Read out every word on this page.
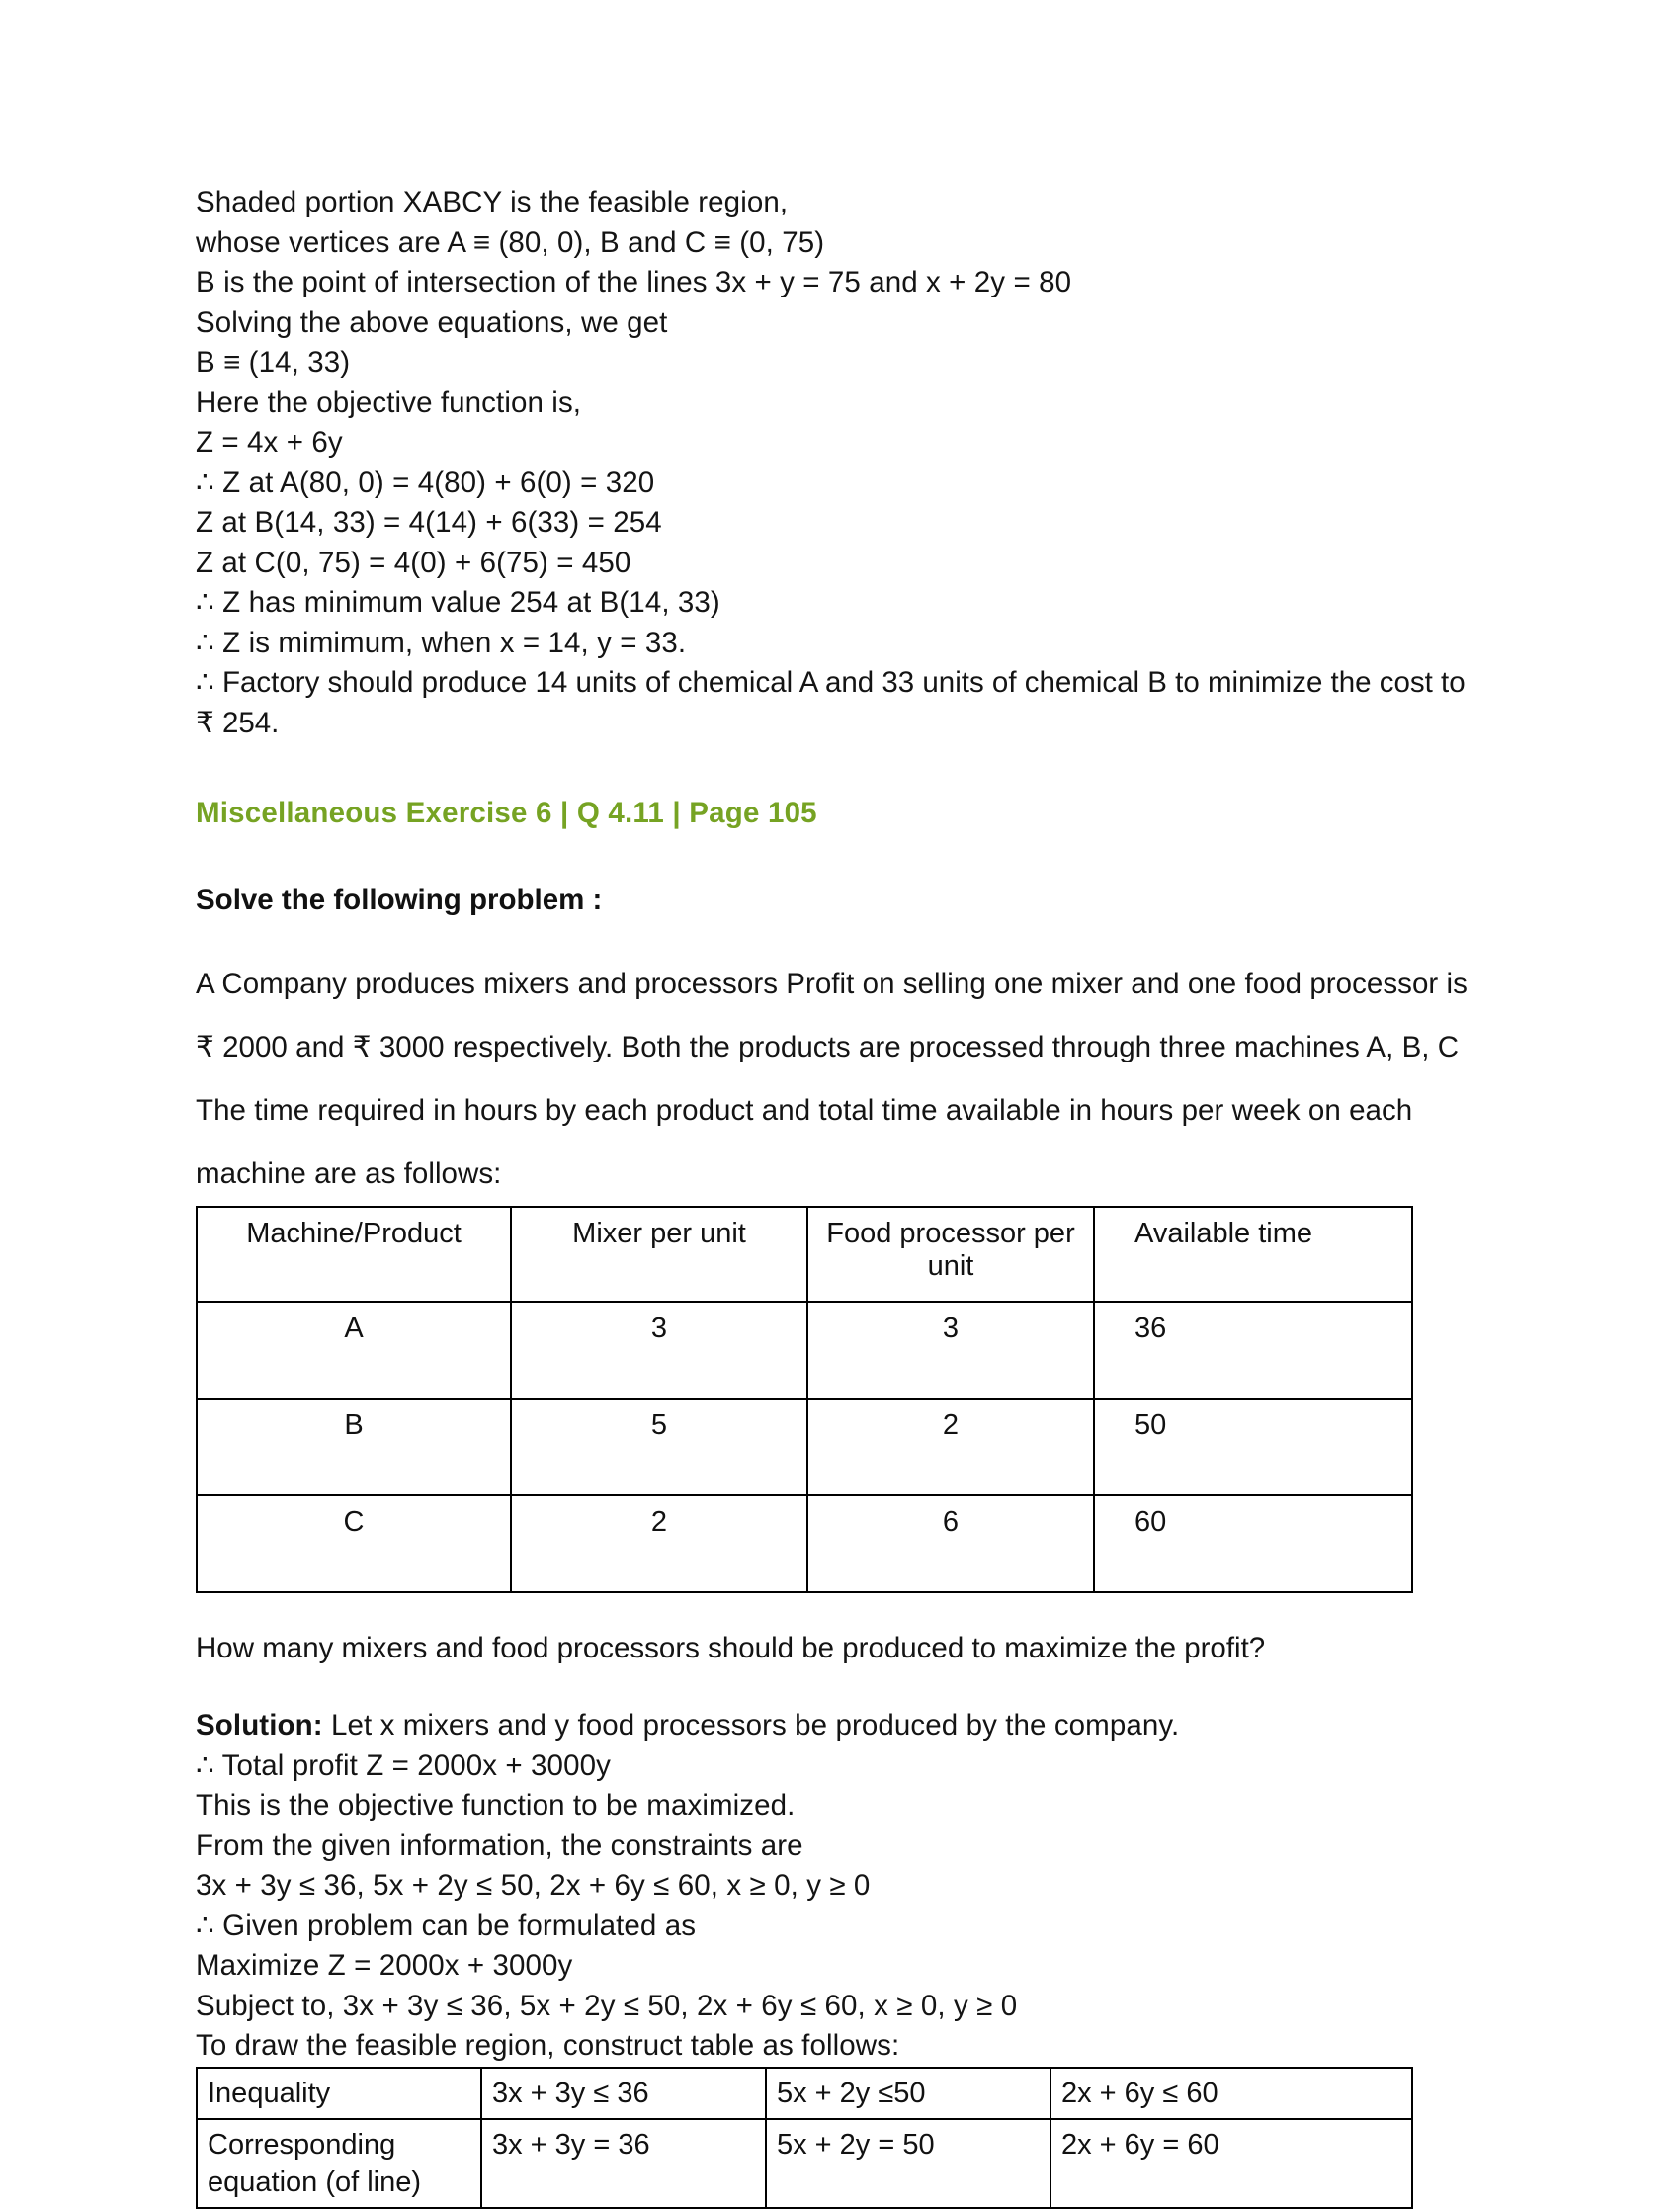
Shaded portion XABCY is the feasible region,
whose vertices are A ≡ (80, 0), B and C ≡ (0, 75)
B is the point of intersection of the lines 3x + y = 75 and x + 2y = 80
Solving the above equations, we get
B ≡ (14, 33)
Here the objective function is,
Z = 4x + 6y
∴ Z at A(80, 0) = 4(80) + 6(0) = 320
Z at B(14, 33) = 4(14) + 6(33) = 254
Z at C(0, 75) = 4(0) + 6(75) = 450
∴ Z has minimum value 254 at B(14, 33)
∴ Z is mimimum, when x = 14, y = 33.
∴ Factory should produce 14 units of chemical A and 33 units of chemical B to minimize the cost to ₹ 254.
Miscellaneous Exercise 6 | Q 4.11 | Page 105
Solve the following problem :
A Company produces mixers and processors Profit on selling one mixer and one food processor is ₹ 2000 and ₹ 3000 respectively. Both the products are processed through three machines A, B, C The time required in hours by each product and total time available in hours per week on each machine are as follows:
Machine/Product	Mixer per unit	Food processor per unit	Available time
A	3	3	36
B	5	2	50
C	2	6	60
How many mixers and food processors should be produced to maximize the profit?
Solution: Let x mixers and y food processors be produced by the company.
∴ Total profit Z = 2000x + 3000y
This is the objective function to be maximized.
From the given information, the constraints are
3x + 3y ≤ 36, 5x + 2y ≤ 50, 2x + 6y ≤ 60, x ≥ 0, y ≥ 0
∴ Given problem can be formulated as
Maximize Z = 2000x + 3000y
Subject to, 3x + 3y ≤ 36, 5x + 2y ≤ 50, 2x + 6y ≤ 60, x ≥ 0, y ≥ 0
To draw the feasible region, construct table as follows:
Inequality	3x + 3y ≤ 36	5x + 2y ≤50	2x + 6y ≤ 60
Corresponding
equation (of line)	3x + 3y = 36	5x + 2y = 50	2x + 6y = 60
